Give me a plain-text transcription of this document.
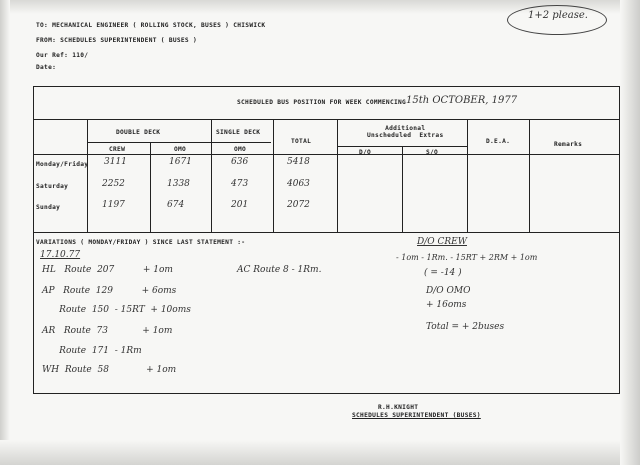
TO: MECHANICAL ENGINEER ( ROLLING STOCK, BUSES ) CHISWICK
FROM: SCHEDULES SUPERINTENDENT ( BUSES )
Our Ref: 110/
Date:
1+2 please.
SCHEDULED BUS POSITION FOR WEEK COMMENCING 15th OCTOBER, 1977
DOUBLE DECK	SINGLE DECK
TOTAL
Additional
Unscheduled  Extras
D.E.A.	Remarks
CREW	OMO	OMO	D/O	S/O
Monday/Friday 3111	1671	636	5418
Saturday	2252	1338	473	4063
Sunday	1197	674	201	2072
VARIATIONS ( MONDAY/FRIDAY ) SINCE LAST STATEMENT :-
17.10.77
HL   Route  207          + 1om
AP   Route  129          + 6oms
Route  150  - 15RT  + 10oms
AR   Route  73            + 1om
Route  171  - 1Rm
WH  Route  58             + 1om
AC Route 8 - 1Rm.
D/O CREW
- 1om - 1Rm. - 15RT + 2RM + 1om
( = -14 )
D/O OMO
+ 16oms
Total = + 2buses
R.H.KNIGHT
SCHEDULES SUPERINTENDENT (BUSES)
